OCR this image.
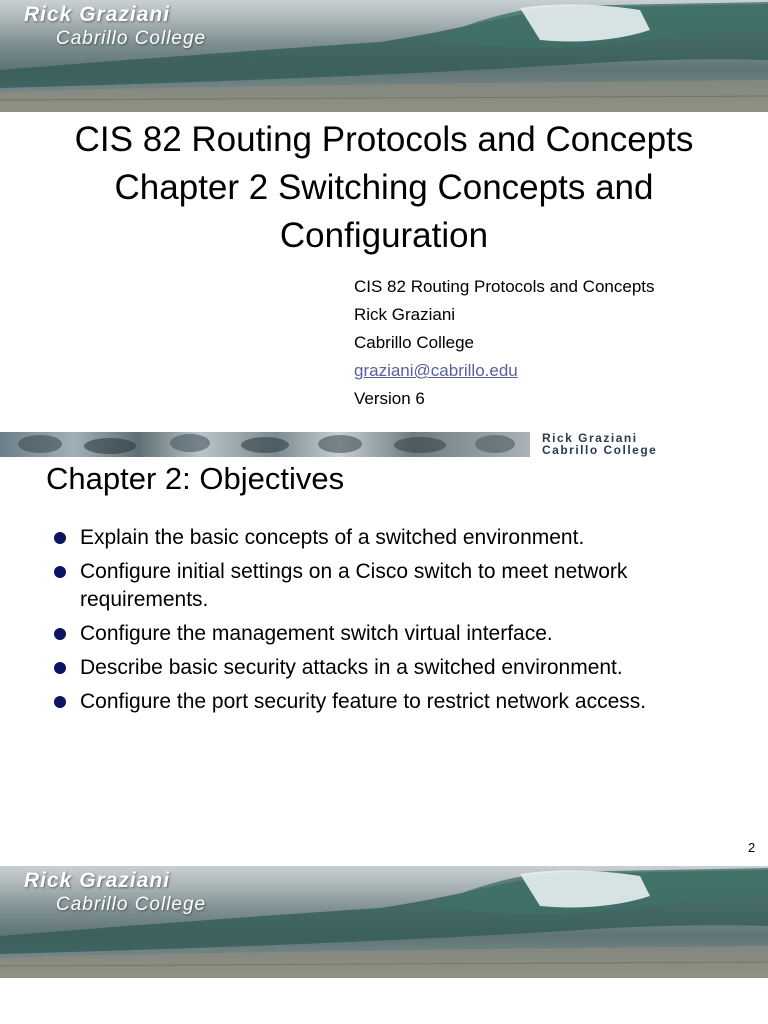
Rick Graziani
Cabrillo College
CIS 82 Routing Protocols and Concepts
Chapter 2 Switching Concepts and
Configuration
CIS 82 Routing Protocols and Concepts
Rick Graziani
Cabrillo College
graziani@cabrillo.edu
Version 6
Rick Graziani
Cabrillo College
Chapter 2: Objectives
Explain the basic concepts of a switched environment.
Configure initial settings on a Cisco switch to meet network requirements.
Configure the management switch virtual interface.
Describe basic security attacks in a switched environment.
Configure the port security feature to restrict network access.
2
Rick Graziani
Cabrillo College
